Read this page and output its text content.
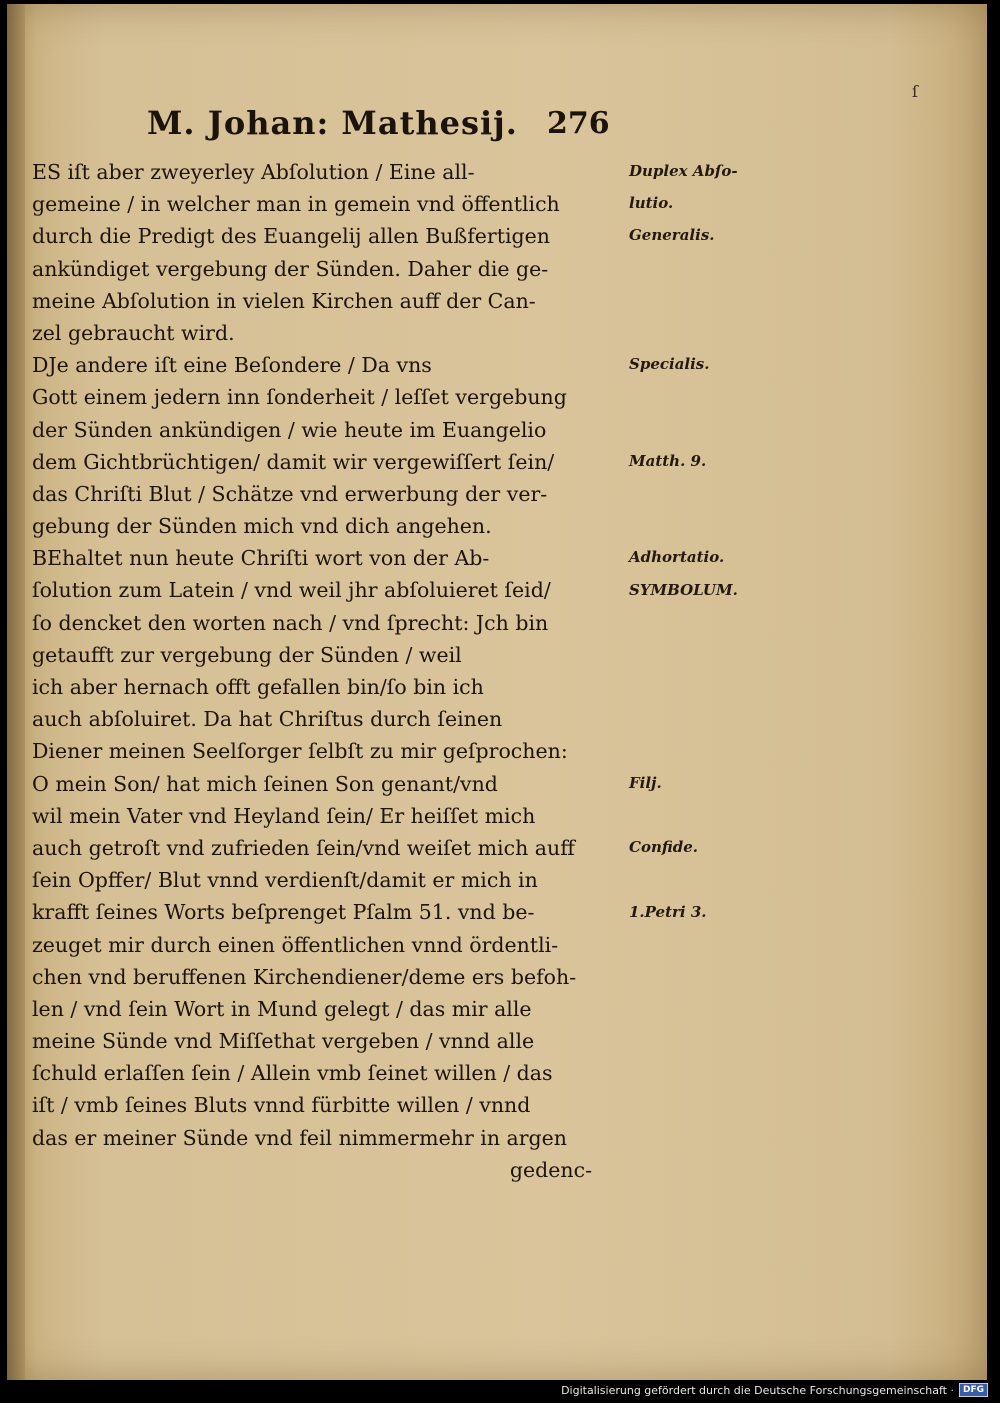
M. Johan: Mathesij. 276
ſ
ES iſt aber zweyerley Abſolution / Eine all-
gemeine / in welcher man in gemein vnd öffentlich
durch die Predigt des Euangelij allen Bußfertigen
ankündiget vergebung der Sünden. Daher die ge-
meine Abſolution in vielen Kirchen auff der Can-
zel gebraucht wird.
DJe andere iſt eine Beſondere / Da vns
Gott einem jedern inn ſonderheit / leſſet vergebung
der Sünden ankündigen / wie heute im Euangelio
dem Gichtbrüchtigen/ damit wir vergewiſſert ſein/
das Chriſti Blut / Schätze vnd erwerbung der ver-
gebung der Sünden mich vnd dich angehen.
BEhaltet nun heute Chriſti wort von der Ab-
ſolution zum Latein / vnd weil jhr abſoluieret ſeid/
ſo dencket den worten nach / vnd ſprecht: Jch bin
getaufft zur vergebung der Sünden / weil
ich aber hernach offt gefallen bin/ſo bin ich
auch abſoluiret. Da hat Chriſtus durch ſeinen
Diener meinen Seelſorger ſelbſt zu mir geſprochen:
O mein Son/ hat mich ſeinen Son genant/vnd
wil mein Vater vnd Heyland ſein/ Er heiſſet mich
auch getroſt vnd zufrieden ſein/vnd weiſet mich auff
ſein Opffer/ Blut vnnd verdienſt/damit er mich in
krafft ſeines Worts beſprenget Pſalm 51. vnd be-
zeuget mir durch einen öffentlichen vnnd ördentli-
chen vnd beruffenen Kirchendiener/deme ers befoh-
len / vnd ſein Wort in Mund gelegt / das mir alle
meine Sünde vnd Miſſethat vergeben / vnnd alle
ſchuld erlaſſen ſein / Allein vmb ſeinet willen / das
iſt / vmb ſeines Bluts vnnd fürbitte willen / vnnd
das er meiner Sünde vnd feil nimmermehr in argen
gedenc-
Duplex Abſo-
lutio.
Generalis.
Specialis.
Matth. 9.
Adhortatio.
SYMBOLUM.
Filj.
Confide.
1.Petri 3.
Digitalisierung gefördert durch die Deutsche Forschungsgemeinschaft ·	DFG
